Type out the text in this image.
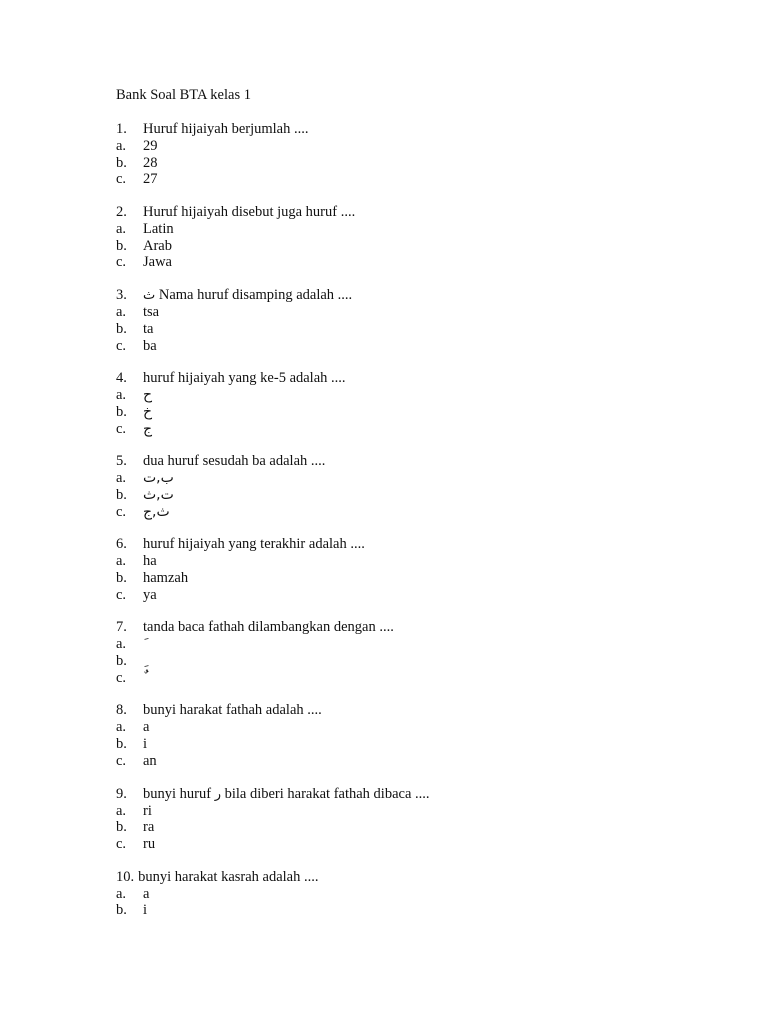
Bank Soal BTA kelas 1
1.	Huruf hijaiyah berjumlah ....
a.	29
b.	28
c.	27
2.	Huruf hijaiyah disebut juga huruf ....
a.	Latin
b.	Arab
c.	Jawa
3.	ث Nama huruf disamping adalah ....
a.	tsa
b.	ta
c.	ba
4.	huruf hijaiyah yang ke-5 adalah ....
a.	ح
b.	خ
c.	ج
5.	dua huruf sesudah ba adalah ....
a.	ب,ت
b.	ت,ث
c.	ث,ج
6.	huruf hijaiyah yang terakhir adalah ....
a.	ha
b.	hamzah
c.	ya
7.	tanda baca fathah dilambangkan dengan ....
a.
b.
c.
8.	bunyi harakat fathah adalah ....
a.	a
b.	i
c.	an
9.	bunyi huruf ر bila diberi harakat fathah dibaca ....
a.	ri
b.	ra
c.	ru
10. bunyi harakat kasrah adalah ....
a.	a
b.	i
